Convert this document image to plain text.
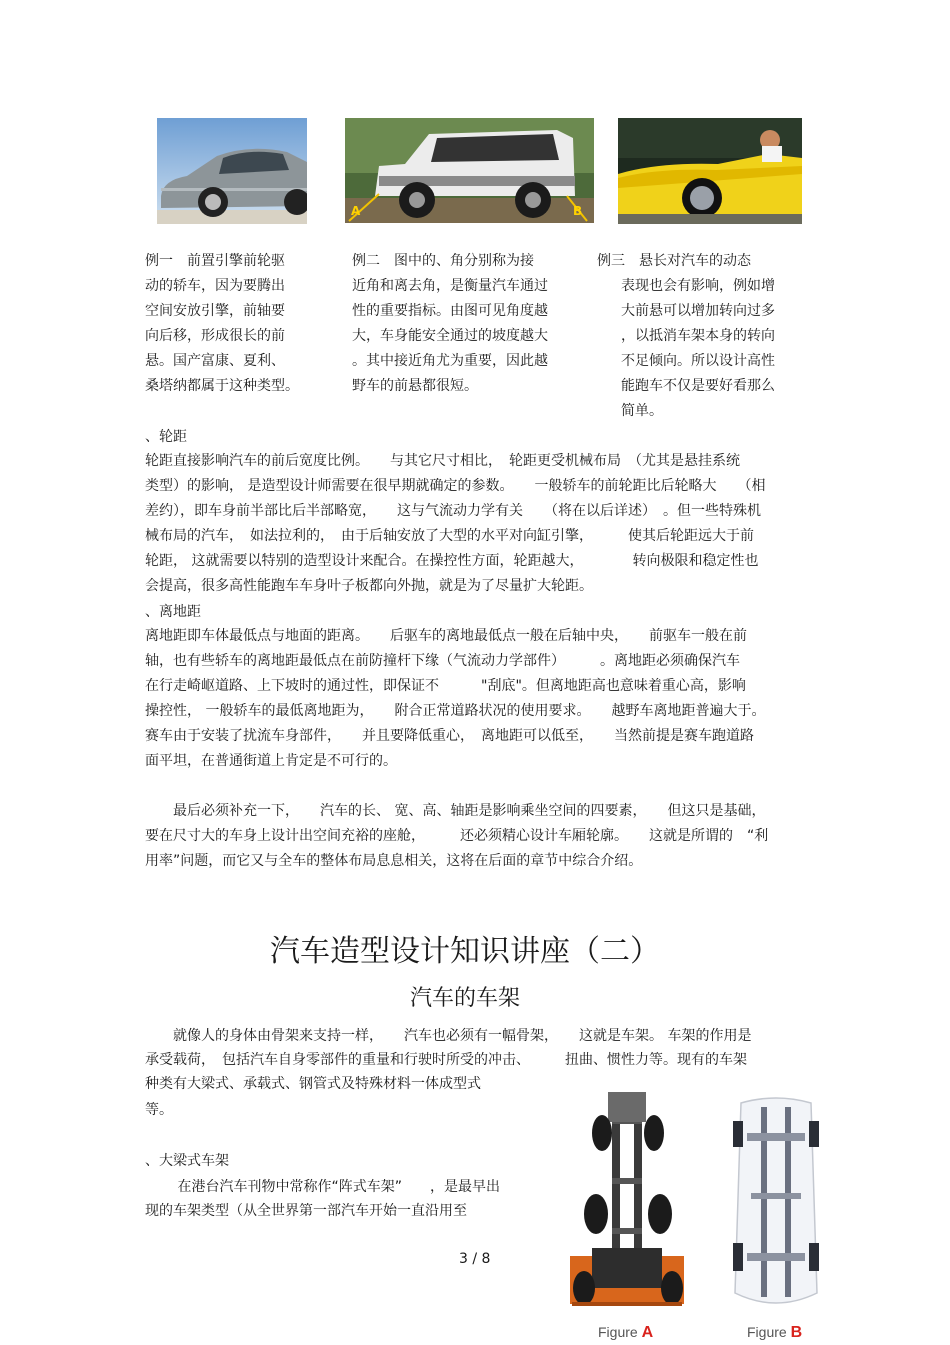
A	B
例一　 前置引擎前轮驱
动的轿车，因为要腾出
空间安放引擎，前轴要
向后移，形成很长的前
悬。国产富康、夏利、
桑塔纳都属于这种类型。
例二　 图中的、角分别称为接
近角和离去角，是衡量汽车通过
性的重要指标。由图可见角度越
大，车身能安全通过的坡度越大
。其中接近角尤为重要，因此越
野车的前悬都很短。
例三　 悬长对汽车的动态
表现也会有影响，例如增
大前悬可以增加转向过多
，以抵消车架本身的转向
不足倾向。所以设计高性
能跑车不仅是要好看那么
简单。
、轮距
轮距直接影响汽车的前后宽度比例。　　与其它尺寸相比，　轮距更受机械布局　（尤其是悬挂系统
类型）的影响， 是造型设计师需要在很早期就确定的参数。　　一般轿车的前轮距比后轮略大　　（相
差约），即车身前半部比后半部略宽，　　这与气流动力学有关　　（将在以后详述）　。但一些特殊机
械布局的汽车，　如法拉利的，　由于后轴安放了大型的水平对向缸引擎，　　　使其后轮距远大于前
轮距， 这就需要以特别的造型设计来配合。在操控性方面，轮距越大，　　　　转向极限和稳定性也
会提高，很多高性能跑车车身叶子板都向外抛，就是为了尽量扩大轮距。
、离地距
离地距即车体最低点与地面的距离。　　后驱车的离地最低点一般在后轴中央，　　前驱车一般在前
轴，也有些轿车的离地距最低点在前防撞杆下缘（气流动力学部件）　　　。离地距必须确保汽车
在行走崎岖道路、上下坡时的通过性，即保证不　　　"刮底"。但离地距高也意味着重心高，影响
操控性， 一般轿车的最低离地距为，　　附合正常道路状况的使用要求。　　越野车离地距普遍大于。
赛车由于安装了扰流车身部件，　　并且要降低重心，　离地距可以低至，　　当然前提是赛车跑道路
面平坦，在普通街道上肯定是不可行的。
　　最后必须补充一下，　　汽车的长、 宽、高、轴距是影响乘坐空间的四要素，　　但这只是基础，
要在尺寸大的车身上设计出空间充裕的座舱，　　　还必须精心设计车厢轮廓。　　这就是所谓的　“利
用率”问题，而它又与全车的整体布局息息相关，这将在后面的章节中综合介绍。
汽车造型设计知识讲座（二）
汽车的车架
　　就像人的身体由骨架来支持一样，　　汽车也必须有一幅骨架，　　这就是车架。 车架的作用是
承受载荷，　包括汽车自身零部件的重量和行驶时所受的冲击、　　　扭曲、惯性力等。现有的车架
种类有大梁式、承载式、钢管式及特殊材料一体成型式
等。
、大梁式车架
　　 在港台汽车刊物中常称作“阵式车架”　　，是最早出
现的车架类型（从全世界第一部汽车开始一直沿用至
3 / 8
Figure A	Figure B
